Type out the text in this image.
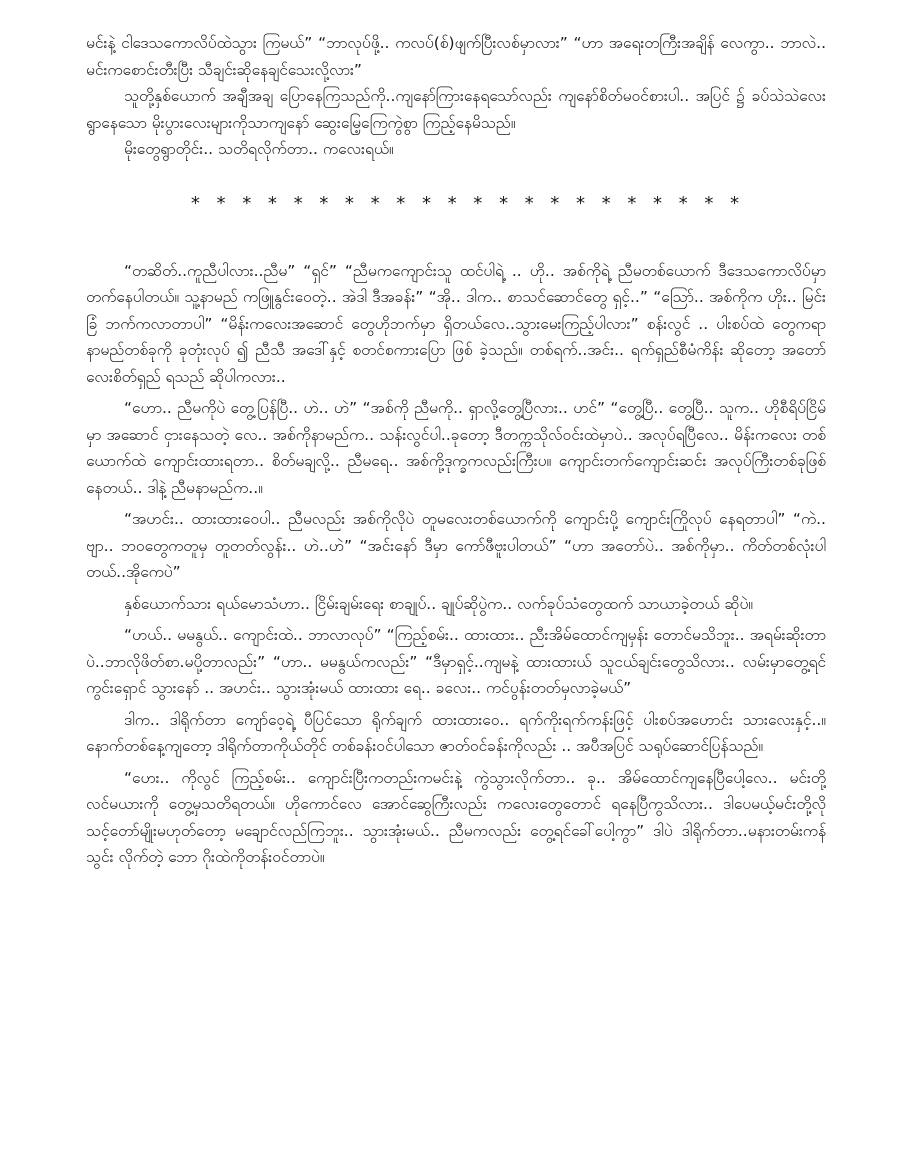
မင်းနဲ့ ငါဒေသကောလိပ်ထဲသွား ကြမယ်” “ဘာလုပ်ဖို့.. ကလပ်(စ်)ဖျက်ပြီးလစ်မှာလား” “ဟာ အရေးတကြီးအချိန် လေကွာ.. ဘာလဲ.. မင်းကစောင်းတီးပြီး သီချင်းဆိုနေချင်သေးလို့လား”

သူတို့နှစ်ယောက် အချီအချ ပြောနေကြသည်ကို..ကျနော်ကြားနေရသော်လည်း ကျနော်စိတ်မဝင်စားပါ.. အပြင် ၌ ခပ်သဲသဲလေးရွာနေသော မိုးပွားလေးများကိုသာကျနော် ဆွေးမြေ့ကြေကွဲစွာ ကြည့်နေမိသည်။

မိုးတွေရွာတိုင်း.. သတိရလိုက်တာ.. ကလေးရယ်။

* * * * * * * * * * * * * * * * * * * * * *

“တဆိတ်..ကူညီပါလား..ညီမ” “ရှင်” “ညီမကကျောင်းသူ ထင်ပါရဲ့ .. ဟို.. အစ်ကိုရဲ့ ညီမတစ်ယောက် ဒီဒေသကောလိပ်မှာ တက်နေပါတယ်။ သူ့နာမည် ကဖြူနွင်းဝေတဲ့.. အဲဒါ ဒီအခန်း” “အို.. ဒါက.. စာသင်ဆောင်တွေ ရှင့်..” “သြော်.. အစ်ကိုက ဟိုး.. မြင်းခြံ ဘက်ကလာတာပါ” “မိန်းကလေးအဆောင် တွေဟိုဘက်မှာ ရှိတယ်လေ..သွားမေးကြည့်ပါလား” စန်းလွင် .. ပါးစပ်ထဲ တွေကရာ နာမည်တစ်ခုကို ခုတုံးလုပ် ၍ ညီသီ အဒေါ်နှင့် စတင်စကားပြော ဖြစ် ခဲ့သည်။ တစ်ရက်..အင်း.. ရက်ရှည်စီမံကိန်း ဆိုတော့ အတော်လေးစိတ်ရှည် ရသည် ဆိုပါကလား..

“ဟော.. ညီမကိုပဲ တွေ့ပြန်ပြီ.. ဟဲ.. ဟဲ” “အစ်ကို ညီမကို.. ရှာလို့တွေ့ပြီလား.. ဟင်” “တွေ့ပြီ.. တွေ့ပြီ.. သူက.. ဟိုစီရိပ်ငြိမ်မှာ အဆောင် ငှားနေသတဲ့ လေ.. အစ်ကိုနာမည်က.. သန်းလွင်ပါ..ခုတော့ ဒီတက္ကသိုလ်ဝင်းထဲမှာပဲ.. အလုပ်ရပြီလေ.. မိန်းကလေး တစ်ယောက်ထဲ ကျောင်းထားရတာ.. စိတ်မချလို့.. ညီမရေ.. အစ်ကို့ဒုက္ခကလည်းကြီးပ။ ကျောင်းတက်ကျောင်းဆင်း အလုပ်ကြီးတစ်ခုဖြစ်နေတယ်.. ဒါနဲ့ ညီမနာမည်က..။

“အဟင်း.. ထားထားဝေပါ.. ညီမလည်း အစ်ကိုလိုပဲ တူမလေးတစ်ယောက်ကို ကျောင်းပို့ ကျောင်းကြိုလုပ် နေရတာပါ” “ကဲ.. ဗျာ.. ဘဝတွေကတူမှ တူတတ်လွန်း.. ဟဲ..ဟဲ” “အင်းနော် ဒီမှာ ကော်ဖီဗူးပါတယ်” “ဟာ အတော်ပဲ.. အစ်ကိုမှာ.. ကိတ်တစ်လုံးပါတယ်..အိုကေပဲ”

နှစ်ယောက်သား ရယ်မောသံဟာ.. ငြိမ်းချမ်းရေး စာချုပ်.. ချုပ်ဆိုပွဲက.. လက်ခုပ်သံတွေထက် သာယာခဲ့တယ် ဆိုပဲ။

“ဟယ်.. မမနွယ်.. ကျောင်းထဲ.. ဘာလာလုပ်” “ကြည့်စမ်း.. ထားထား.. ညီးအိမ်ထောင်ကျမှန်း တောင်မသိဘူး.. အရမ်းဆိုးတာပဲ..ဘာလိုဖိတ်စာ.မပို့တာလည်း” “ဟာ.. မမနွယ်ကလည်း” “ဒီမှာရှင့်..ကျမနဲ့ ထားထားယ် သူငယ်ချင်းတွေသိလား.. လမ်းမှာတွေ့ရင် ကွင်းရှောင် သွားနော် .. အဟင်း.. သွားအုံးမယ် ထားထား ရေ.. ခလေး.. ကင်ပွန်းတတ်မှလာခဲ့မယ်”

ဒါက.. ဒါရိုက်တာ ကျော်ဝေ့ရဲ့ ပီပြင်သော ရိုက်ချက် ထားထားဝေ.. ရက်ကိုးရက်ကန်းဖြင့် ပါးစပ်အဟောင်း သားလေးနှင့်..။ နောက်တစ်နေ့ကျတော့ ဒါရိုက်တာကိုယ်တိုင် တစ်ခန်းဝင်ပါသော ဇာတ်ဝင်ခန်းကိုလည်း .. အပီအပြင် သရုပ်ဆောင်ပြန်သည်။

“ဟေး.. ကိုလွင် ကြည့်စမ်း.. ကျောင်းပြီးကတည်းကမင်းနဲ့ ကွဲသွားလိုက်တာ.. ခု.. အိမ်ထောင်ကျနေပြီပေါ့လေ.. မင်းတို့လင်မယားကို တွေ့မှသတိရတယ်။ ဟိုကောင်လေ အောင်ဆွေကြီးလည်း ကလေးတွေတောင် ရနေပြီကွသိလား.. ဒါပေမယ့်မင်းတို့လို သင့်တော်မျိုးမဟုတ်တော့ မချောင်လည်ကြဘူး.. သွားအုံးမယ်.. ညီမကလည်း တွေ့ရင်ခေါ်ပေါ့ကွာ” ဒါပဲ ဒါရိုက်တာ..မနားတမ်းကန်သွင်း လိုက်တဲ့ ဘော ဂိုးထဲကိုတန်းဝင်တာပဲ။
